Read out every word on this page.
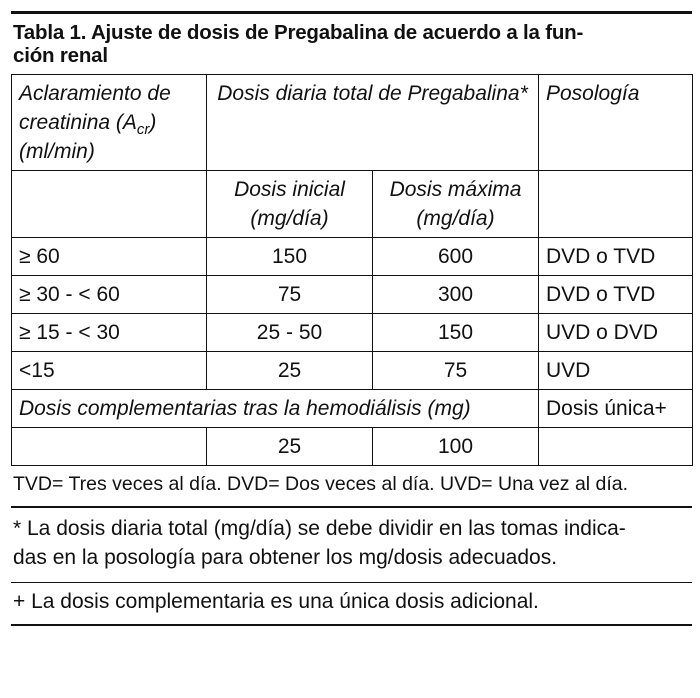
Tabla 1. Ajuste de dosis de Pregabalina de acuerdo a la fun-
ción renal
Aclaramiento de creatinina $(A_{cr})$ (ml/min)	Dosis diaria total de Pregabalina*		Posología
	Dosis inicial (mg/día)	Dosis máxima (mg/día)	
≥ 60	150	600	DVD o TVD
≥ 30 - < 60	75	300	DVD o TVD
≥ 15 - < 30	25 - 50	150	UVD o DVD
<15	25	75	UVD
Dosis complementarias tras la hemodiálisis (mg)			Dosis única+
	25	100	
TVD= Tres veces al día. DVD= Dos veces al día. UVD= Una vez al día.
* La dosis diaria total (mg/día) se debe dividir en las tomas indica-
das en la posología para obtener los mg/dosis adecuados.
+ La dosis complementaria es una única dosis adicional.
